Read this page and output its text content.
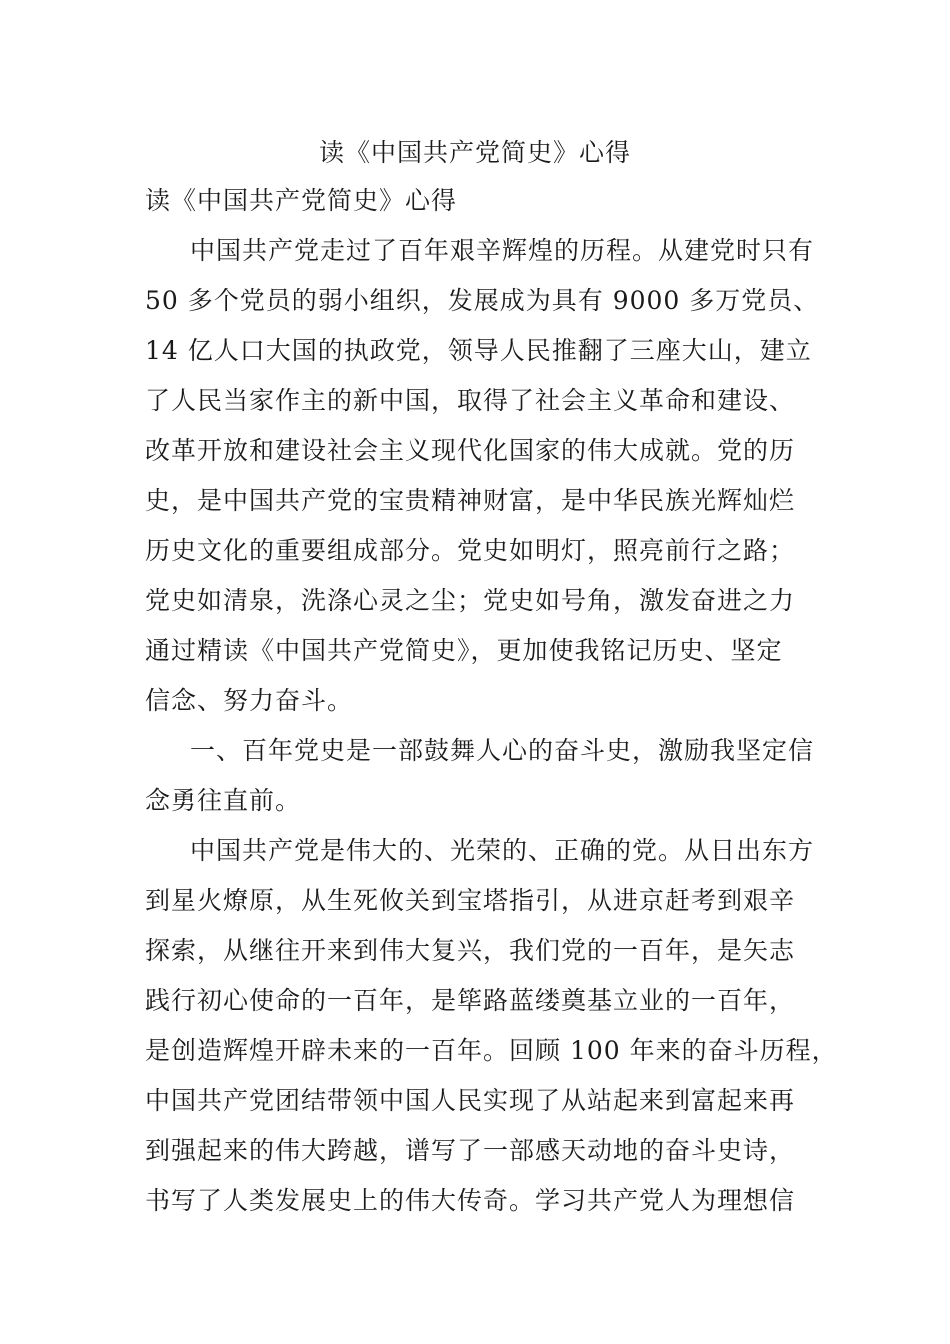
读《中国共产党简史》心得
读《中国共产党简史》心得
中国共产党走过了百年艰辛辉煌的历程。从建党时只有
50 多个党员的弱小组织，发展成为具有 9000 多万党员、
14 亿人口大国的执政党，领导人民推翻了三座大山，建立
了人民当家作主的新中国，取得了社会主义革命和建设、
改革开放和建设社会主义现代化国家的伟大成就。党的历
史，是中国共产党的宝贵精神财富，是中华民族光辉灿烂
历史文化的重要组成部分。党史如明灯，照亮前行之路；
党史如清泉，洗涤心灵之尘；党史如号角，激发奋进之力
通过精读《中国共产党简史》，更加使我铭记历史、坚定
信念、努力奋斗。
一、百年党史是一部鼓舞人心的奋斗史，激励我坚定信
念勇往直前。
中国共产党是伟大的、光荣的、正确的党。从日出东方
到星火燎原，从生死攸关到宝塔指引，从进京赶考到艰辛
探索，从继往开来到伟大复兴，我们党的一百年，是矢志
践行初心使命的一百年，是筚路蓝缕奠基立业的一百年，
是创造辉煌开辟未来的一百年。回顾 100 年来的奋斗历程，
中国共产党团结带领中国人民实现了从站起来到富起来再
到强起来的伟大跨越，谱写了一部感天动地的奋斗史诗，
书写了人类发展史上的伟大传奇。学习共产党人为理想信
